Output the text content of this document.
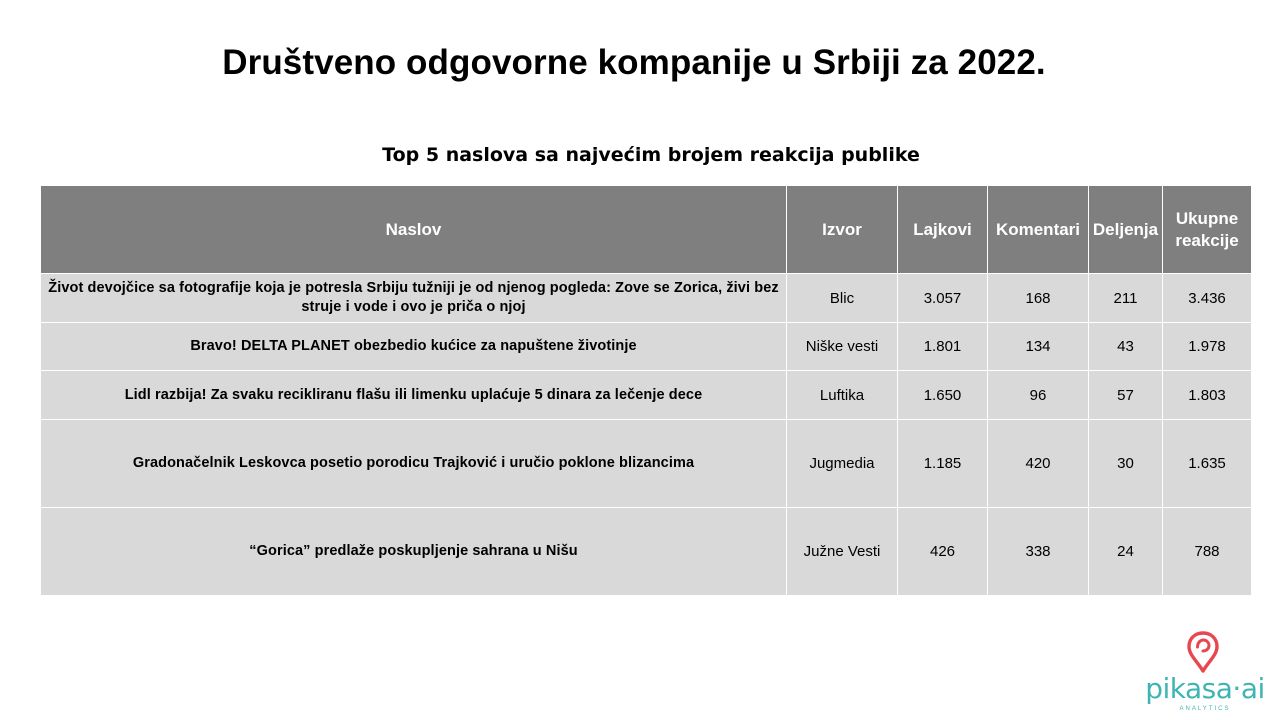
Društveno odgovorne kompanije u Srbiji za 2022.
Top 5 naslova sa najvećim brojem reakcija publike
Naslov	Izvor	Lajkovi	Komentari	Deljenja	Ukupne
reakcije
Život devojčice sa fotografije koja je potresla Srbiju tužniji je od njenog pogleda: Zove se Zorica, živi bez struje i vode i ovo je priča o njoj	Blic	3.057	168	211	3.436
Bravo! DELTA PLANET obezbedio kućice za napuštene životinje	Niške vesti	1.801	134	43	1.978
Lidl razbija! Za svaku recikliranu flašu ili limenku uplaćuje 5 dinara za lečenje dece	Luftika	1.650	96	57	1.803
Gradonačelnik Leskovca posetio porodicu Trajković i uručio poklone blizancima	Jugmedia	1.185	420	30	1.635
“Gorica” predlaže poskupljenje sahrana u Nišu	Južne Vesti	426	338	24	788
pikasa·ai
ANALYTICS
